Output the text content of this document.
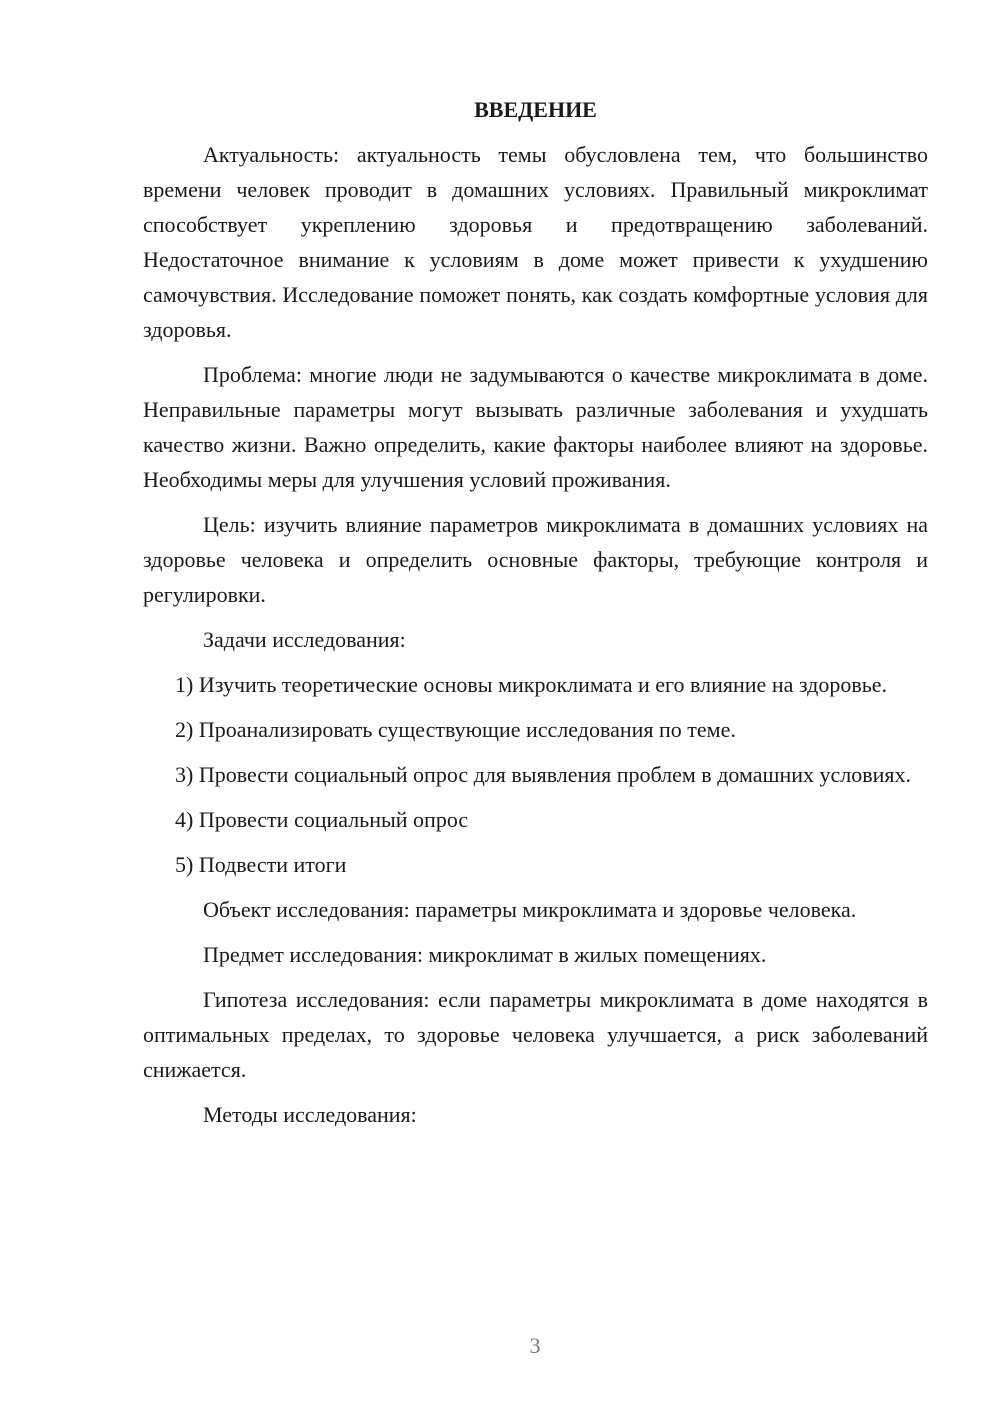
ВВЕДЕНИЕ

Актуальность: актуальность темы обусловлена тем, что большинство времени человек проводит в домашних условиях. Правильный микроклимат способствует укреплению здоровья и предотвращению заболеваний. Недостаточное внимание к условиям в доме может привести к ухудшению самочувствия. Исследование поможет понять, как создать комфортные условия для здоровья.

Проблема: многие люди не задумываются о качестве микроклимата в доме. Неправильные параметры могут вызывать различные заболевания и ухудшать качество жизни. Важно определить, какие факторы наиболее влияют на здоровье. Необходимы меры для улучшения условий проживания.

Цель: изучить влияние параметров микроклимата в домашних условиях на здоровье человека и определить основные факторы, требующие контроля и регулировки.

Задачи исследования:

1) Изучить теоретические основы микроклимата и его влияние на здоровье.

2) Проанализировать существующие исследования по теме.

3) Провести социальный опрос для выявления проблем в домашних условиях.

4) Провести социальный опрос

5) Подвести итоги

Объект исследования: параметры микроклимата и здоровье человека.

Предмет исследования: микроклимат в жилых помещениях.

Гипотеза исследования: если параметры микроклимата в доме находятся в оптимальных пределах, то здоровье человека улучшается, а риск заболеваний снижается.

Методы исследования:

3
